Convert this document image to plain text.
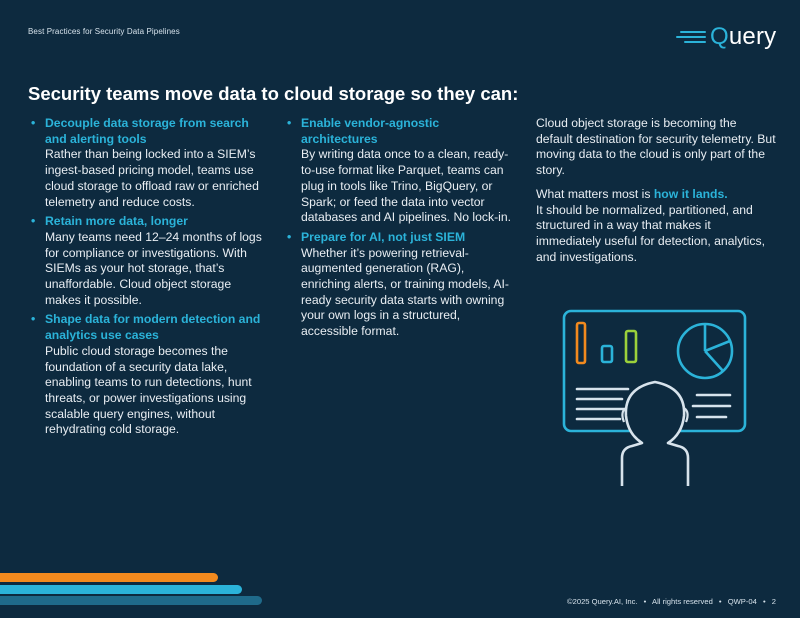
Best Practices for Security Data Pipelines	Query
Security teams move data to cloud storage so they can:
• Decouple data storage from search and alerting tools
Rather than being locked into a SIEM’s ingest-based pricing model, teams use cloud storage to offload raw or enriched telemetry and reduce costs.
• Retain more data, longer
Many teams need 12–24 months of logs for compliance or investigations. With SIEMs as your hot storage, that’s unaffordable. Cloud object storage makes it possible.
• Shape data for modern detection and analytics use cases
Public cloud storage becomes the foundation of a security data lake, enabling teams to run detections, hunt threats, or power investigations using scalable query engines, without rehydrating cold storage.
• Enable vendor-agnostic architectures
By writing data once to a clean, ready-to-use format like Parquet, teams can plug in tools like Trino, BigQuery, or Spark; or feed the data into vector databases and AI pipelines. No lock-in.
• Prepare for AI, not just SIEM
Whether it’s powering retrieval-augmented generation (RAG), enriching alerts, or training models, AI-ready security data starts with owning your own logs in a structured, accessible format.

Cloud object storage is becoming the default destination for security telemetry. But moving data to the cloud is only part of the story.

What matters most is how it lands.
It should be normalized, partitioned, and structured in a way that makes it immediately useful for detection, analytics, and investigations.

©2025 Query.AI, Inc. • All rights reserved • QWP-04 • 2
